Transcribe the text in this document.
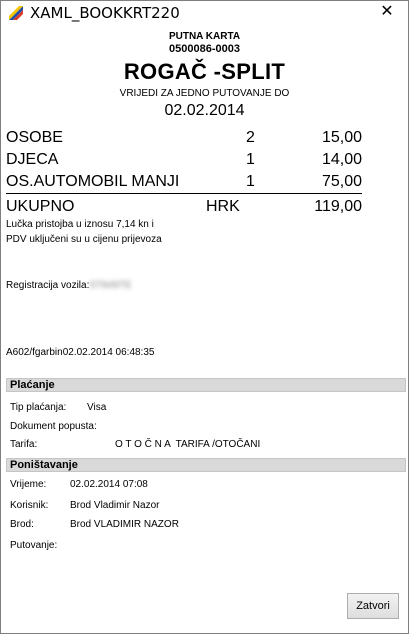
XAML_BOOKKRT220	✕
PUTNA KARTA
0500086-0003
ROGAČ -SPLIT
VRIJEDI ZA JEDNO PUTOVANJE DO
02.02.2014
OSOBE	2	15,00
DJECA	1	14,00
OS.AUTOMOBIL MANJI	1	75,00
UKUPNO	HRK	119,00
Lučka pristojba u iznosu 7,14 kn i
PDV uključeni su u cijenu prijevoza
Registracija vozila:ST849TE
A602/fgarbin02.02.2014 06:48:35
Plaćanje
Tip plaćanja: Visa
Dokument popusta:
Tarifa:	O T O Č N A  TARIFA /OTOČANI
Poništavanje
Vrijeme: 02.02.2014 07:08
Korisnik: Brod Vladimir Nazor
Brod:	Brod VLADIMIR NAZOR
Putovanje:
Zatvori
